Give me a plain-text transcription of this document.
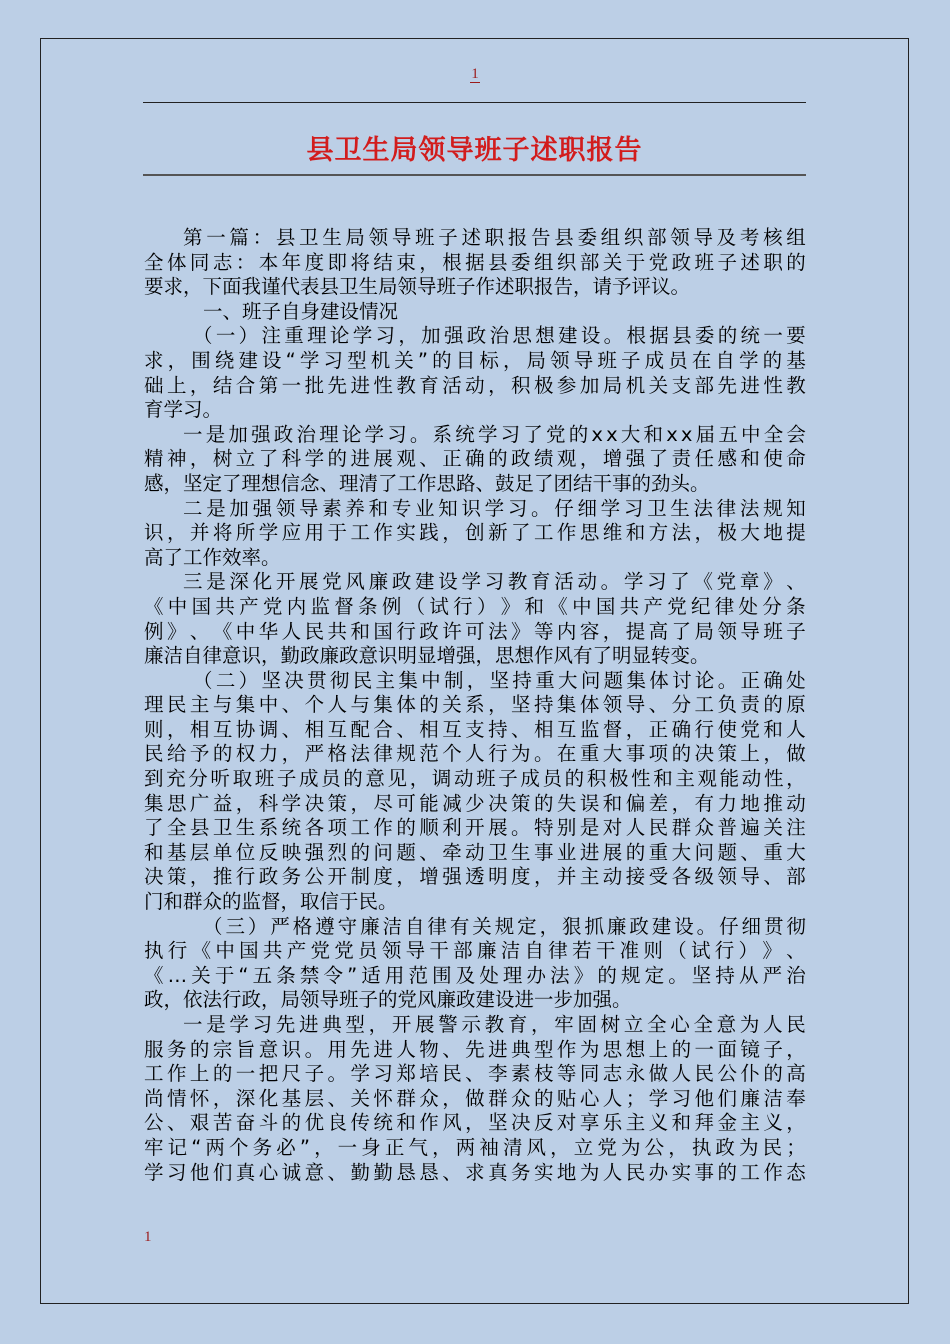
1
县卫生局领导班子述职报告
第 一 篇 ： 县 卫 生 局 领 导 班 子 述 职 报 告 县 委 组 织 部 领 导 及 考 核 组
全 体 同 志 ： 本 年 度 即 将 结 束 ， 根 据 县 委 组 织 部 关 于 党 政 班 子 述 职 的
要求，下面我谨代表县卫生局领导班子作述职报告，请予评议。
一、班子自身建设情况
（ 一 ） 注 重 理 论 学 习 ， 加 强 政 治 思 想 建 设 。 根 据 县 委 的 统 一 要
求 ， 围 绕 建 设 “ 学 习 型 机 关 ” 的 目 标 ， 局 领 导 班 子 成 员 在 自 学 的 基
础 上 ， 结 合 第 一 批 先 进 性 教 育 活 动 ， 积 极 参 加 局 机 关 支 部 先 进 性 教
育学习。
一 是 加 强 政 治 理 论 学 习 。 系 统 学 习 了 党 的 x x 大 和 x x 届 五 中 全 会
精 神 ， 树 立 了 科 学 的 进 展 观 、 正 确 的 政 绩 观 ， 增 强 了 责 任 感 和 使 命
感，坚定了理想信念、理清了工作思路、鼓足了团结干事的劲头。
二 是 加 强 领 导 素 养 和 专 业 知 识 学 习 。 仔 细 学 习 卫 生 法 律 法 规 知
识 ， 并 将 所 学 应 用 于 工 作 实 践 ， 创 新 了 工 作 思 维 和 方 法 ， 极 大 地 提
高了工作效率。
三 是 深 化 开 展 党 风 廉 政 建 设 学 习 教 育 活 动 。 学 习 了 《 党 章 》 、
《 中 国 共 产 党 内 监 督 条 例 （ 试 行 ） 》 和 《 中 国 共 产 党 纪 律 处 分 条
例 》 、 《 中 华 人 民 共 和 国 行 政 许 可 法 》 等 内 容 ， 提 高 了 局 领 导 班 子
廉洁自律意识，勤政廉政意识明显增强，思想作风有了明显转变。
（ 二 ） 坚 决 贯 彻 民 主 集 中 制 ， 坚 持 重 大 问 题 集 体 讨 论 。 正 确 处
理 民 主 与 集 中 、 个 人 与 集 体 的 关 系 ， 坚 持 集 体 领 导 、 分 工 负 责 的 原
则 ， 相 互 协 调 、 相 互 配 合 、 相 互 支 持 、 相 互 监 督 ， 正 确 行 使 党 和 人
民 给 予 的 权 力 ， 严 格 法 律 规 范 个 人 行 为 。 在 重 大 事 项 的 决 策 上 ， 做
到 充 分 听 取 班 子 成 员 的 意 见 ， 调 动 班 子 成 员 的 积 极 性 和 主 观 能 动 性 ，
集 思 广 益 ， 科 学 决 策 ， 尽 可 能 减 少 决 策 的 失 误 和 偏 差 ， 有 力 地 推 动
了 全 县 卫 生 系 统 各 项 工 作 的 顺 利 开 展 。 特 别 是 对 人 民 群 众 普 遍 关 注
和 基 层 单 位 反 映 强 烈 的 问 题 、 牵 动 卫 生 事 业 进 展 的 重 大 问 题 、 重 大
决 策 ， 推 行 政 务 公 开 制 度 ， 增 强 透 明 度 ， 并 主 动 接 受 各 级 领 导 、 部
门和群众的监督，取信于民。
（ 三 ） 严 格 遵 守 廉 洁 自 律 有 关 规 定 ， 狠 抓 廉 政 建 设 。 仔 细 贯 彻
执 行 《 中 国 共 产 党 党 员 领 导 干 部 廉 洁 自 律 若 干 准 则 （ 试 行 ） 》 、
《 … 关 于 “ 五 条 禁 令 ” 适 用 范 围 及 处 理 办 法 》 的 规 定 。 坚 持 从 严 治
政，依法行政，局领导班子的党风廉政建设进一步加强。
一 是 学 习 先 进 典 型 ， 开 展 警 示 教 育 ， 牢 固 树 立 全 心 全 意 为 人 民
服 务 的 宗 旨 意 识 。 用 先 进 人 物 、 先 进 典 型 作 为 思 想 上 的 一 面 镜 子 ，
工 作 上 的 一 把 尺 子 。 学 习 郑 培 民 、 李 素 枝 等 同 志 永 做 人 民 公 仆 的 高
尚 情 怀 ， 深 化 基 层 、 关 怀 群 众 ， 做 群 众 的 贴 心 人 ； 学 习 他 们 廉 洁 奉
公 、 艰 苦 奋 斗 的 优 良 传 统 和 作 风 ， 坚 决 反 对 享 乐 主 义 和 拜 金 主 义 ，
牢 记 “ 两 个 务 必 ” ， 一 身 正 气 ， 两 袖 清 风 ， 立 党 为 公 ， 执 政 为 民 ；
学 习 他 们 真 心 诚 意 、 勤 勤 恳 恳 、 求 真 务 实 地 为 人 民 办 实 事 的 工 作 态
1
